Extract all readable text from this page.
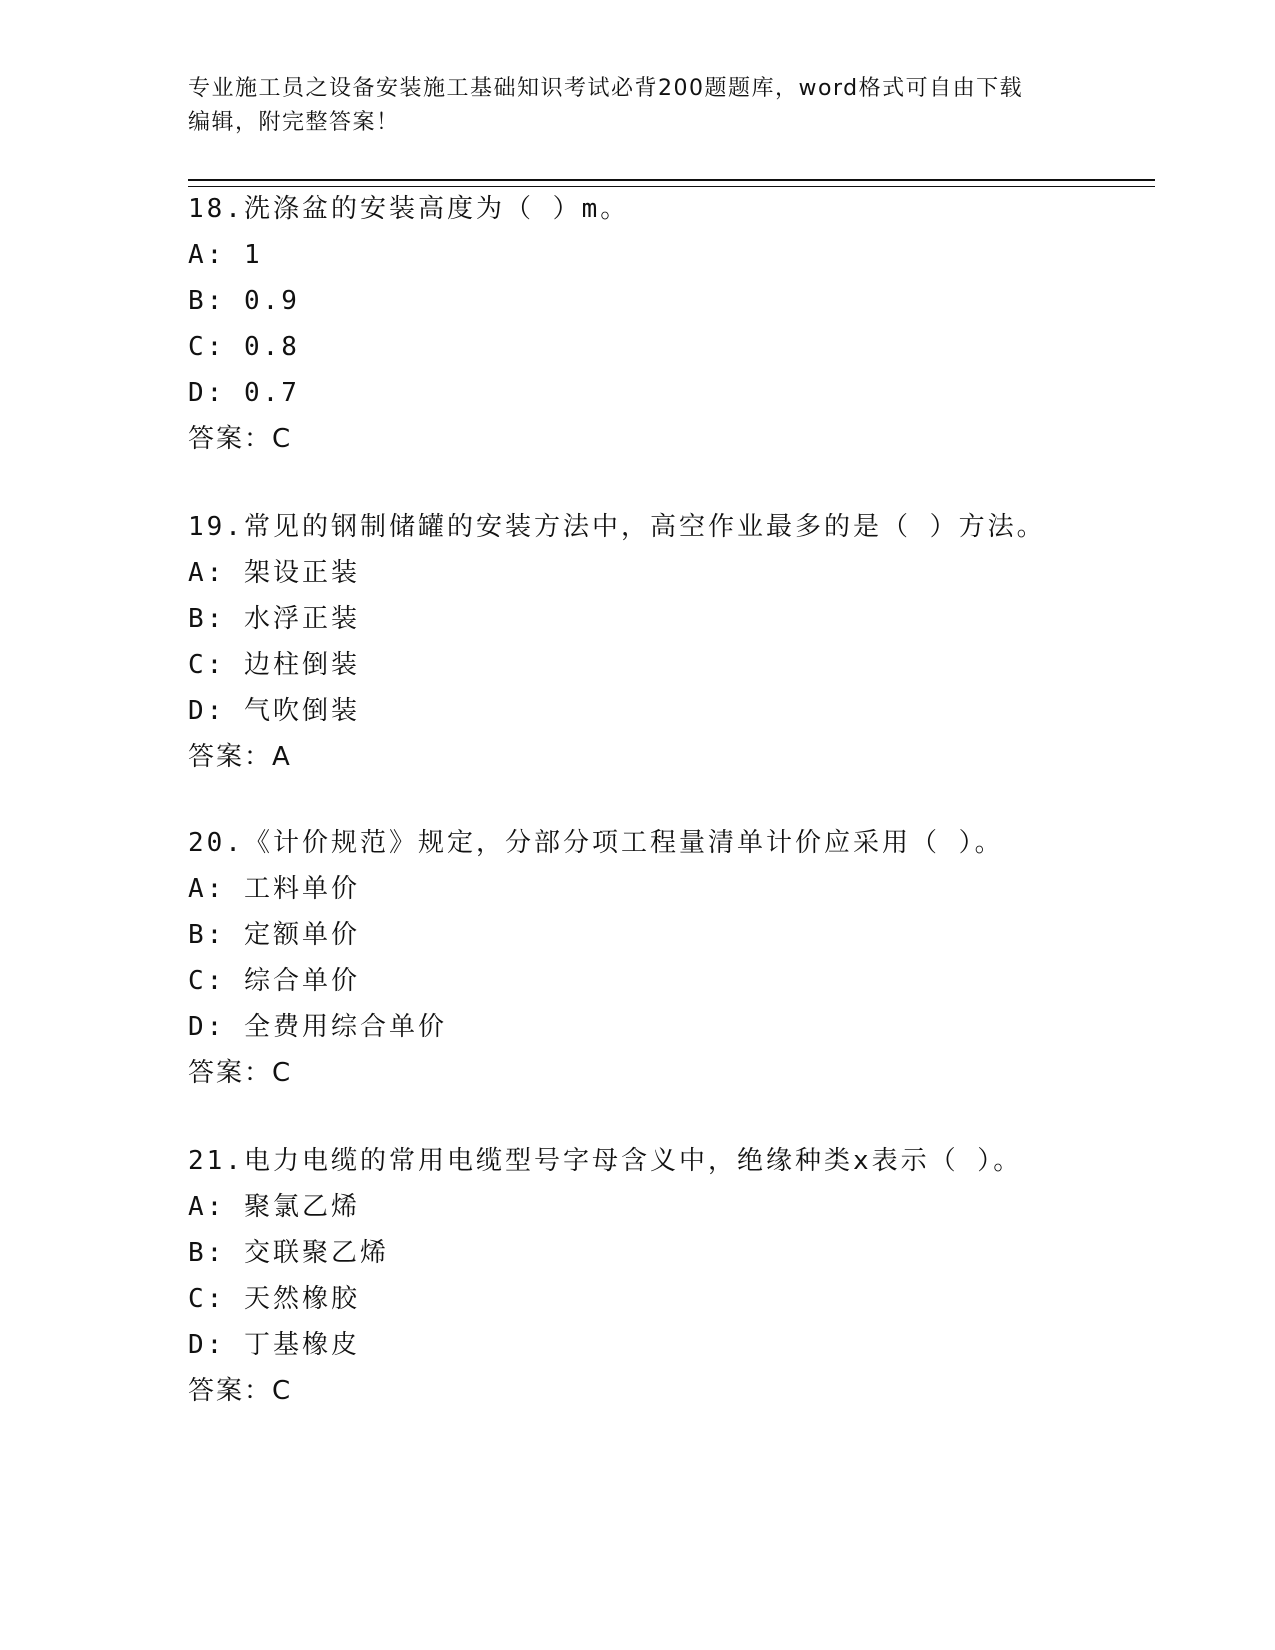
专业施工员之设备安装施工基础知识考试必背200题题库，word格式可自由下载
编辑，附完整答案！
18.洗涤盆的安装高度为（ ）m。
A: 1
B: 0.9
C: 0.8
D: 0.7
答案：C
19.常见的钢制储罐的安装方法中，高空作业最多的是（ ）方法。
A: 架设正装
B: 水浮正装
C: 边柱倒装
D: 气吹倒装
答案：A
20.《计价规范》规定，分部分项工程量清单计价应采用（ ）。
A: 工料单价
B: 定额单价
C: 综合单价
D: 全费用综合单价
答案：C
21.电力电缆的常用电缆型号字母含义中，绝缘种类x表示（ ）。
A: 聚氯乙烯
B: 交联聚乙烯
C: 天然橡胶
D: 丁基橡皮
答案：C
